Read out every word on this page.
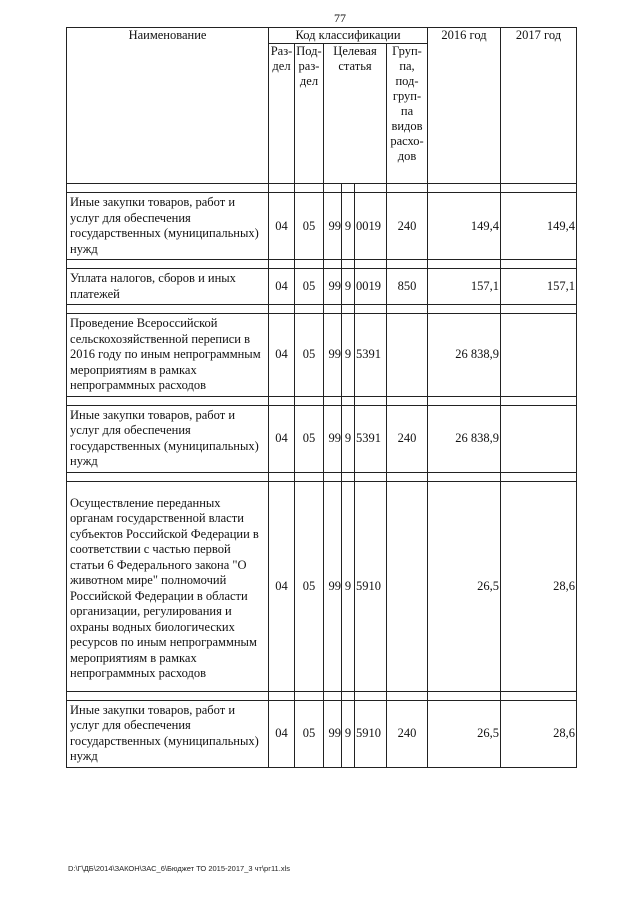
77
Наименование	Код классификации						2016 год	2017 год
	Раз-дел	Под-раз-дел	Целевая статья			Груп-па, под-груп-па видов расхо-дов		

Иные закупки товаров, работ и услуг для обеспечения государственных (муниципальных) нужд	04	05	99	9	0019	240	149,4	149,4

Уплата налогов, сборов и иных платежей	04	05	99	9	0019	850	157,1	157,1

Проведение Всероссийской сельскохозяйственной переписи в 2016 году по иным непрограммным мероприятиям в рамках непрограммных расходов	04	05	99	9	5391		26 838,9	

Иные закупки товаров, работ и услуг для обеспечения государственных (муниципальных) нужд	04	05	99	9	5391	240	26 838,9	

Осуществление переданных органам государственной власти субъектов Российской Федерации в соответствии с частью первой статьи 6 Федерального закона "О животном мире" полномочий Российской Федерации в области организации, регулирования и охраны водных биологических ресурсов по иным непрограммным мероприятиям в рамках непрограммных расходов	04	05	99	9	5910		26,5	28,6

Иные закупки товаров, работ и услуг для обеспечения государственных (муниципальных) нужд	04	05	99	9	5910	240	26,5	28,6
D:\Г\ДБ\2014\ЗАКОН\ЗАС_6\Бюджет ТО 2015-2017_3 чт\рг11.xls
